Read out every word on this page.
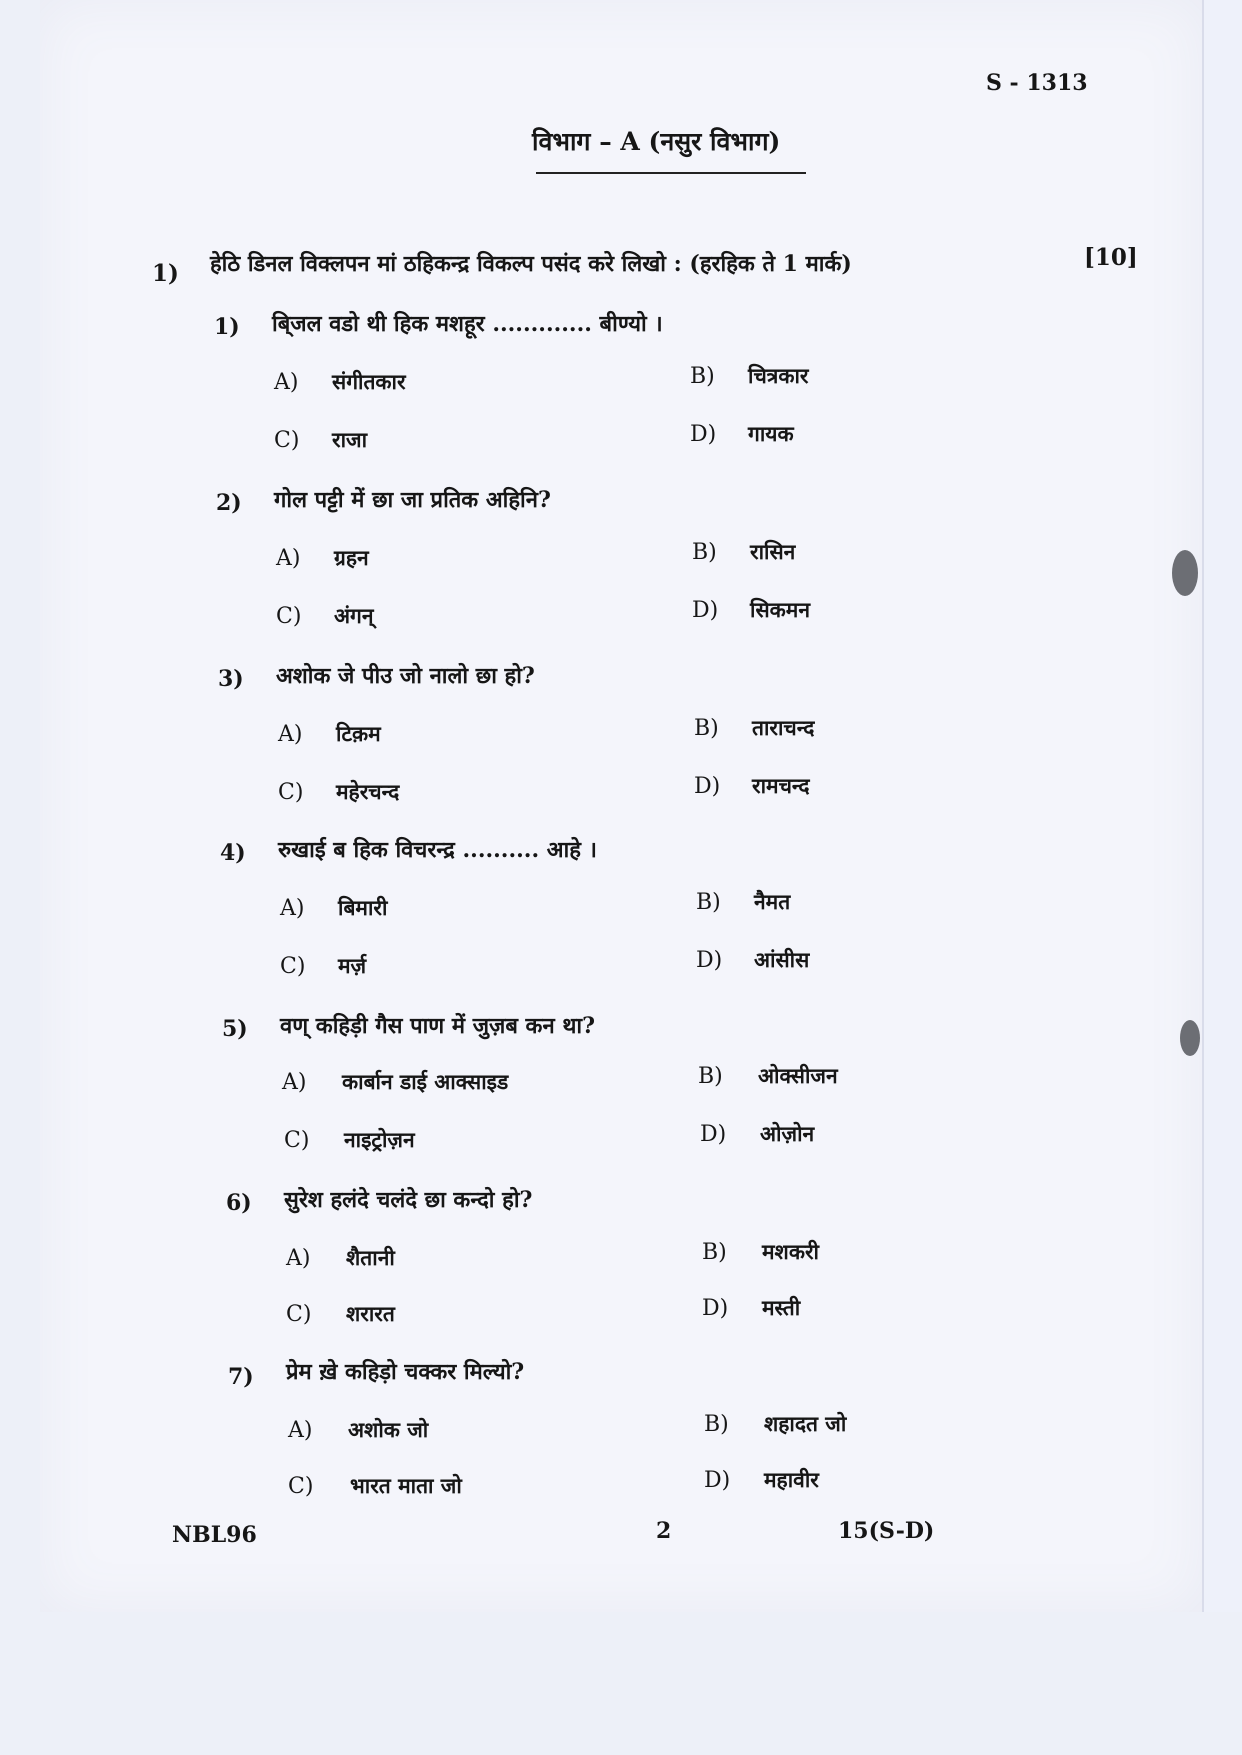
S - 1313
विभाग – A (नसुर विभाग)
1) हेठि डिनल विक्लपन मां ठहिकन्द्र विकल्प पसंद करे लिखो : (हरहिक ते 1 मार्क)	[10]
1) बि्जल वडो थी हिक मशहूर ............. बीण्यो ।
A) संगीतकार	B) चित्रकार
C) राजा	D) गायक
2) गोल पट्टी में छा जा प्रतिक अहिनि?
A) ग्रहन	B) रासिन
C) अंगन्	D) सिकमन
3) अशोक जे पीउ जो नालो छा हो?
A) टिक़म	B) ताराचन्द
C) महेरचन्द	D) रामचन्द
4) रुखाई ब हिक विचरन्द्र .......... आहे ।
A) बिमारी	B) नैमत
C) मर्ज़	D) आंसीस
5) वण् कहिड़ी गैस पाण में जुज़ब कन था?
A) कार्बान डाई आक्साइड	B) ओक्सीजन
C) नाइट्रोज़न	D) ओज़ोन
6) सुरेश हलंदे चलंदे छा कन्दो हो?
A) शैतानी	B) मशकरी
C) शरारत	D) मस्ती
7) प्रेम ख़े कहिड़ो चक्कर मिल्यो?
A) अशोक जो	B) शहादत जो
C) भारत माता जो	D) महावीर
NBL96	2	15(S-D)
